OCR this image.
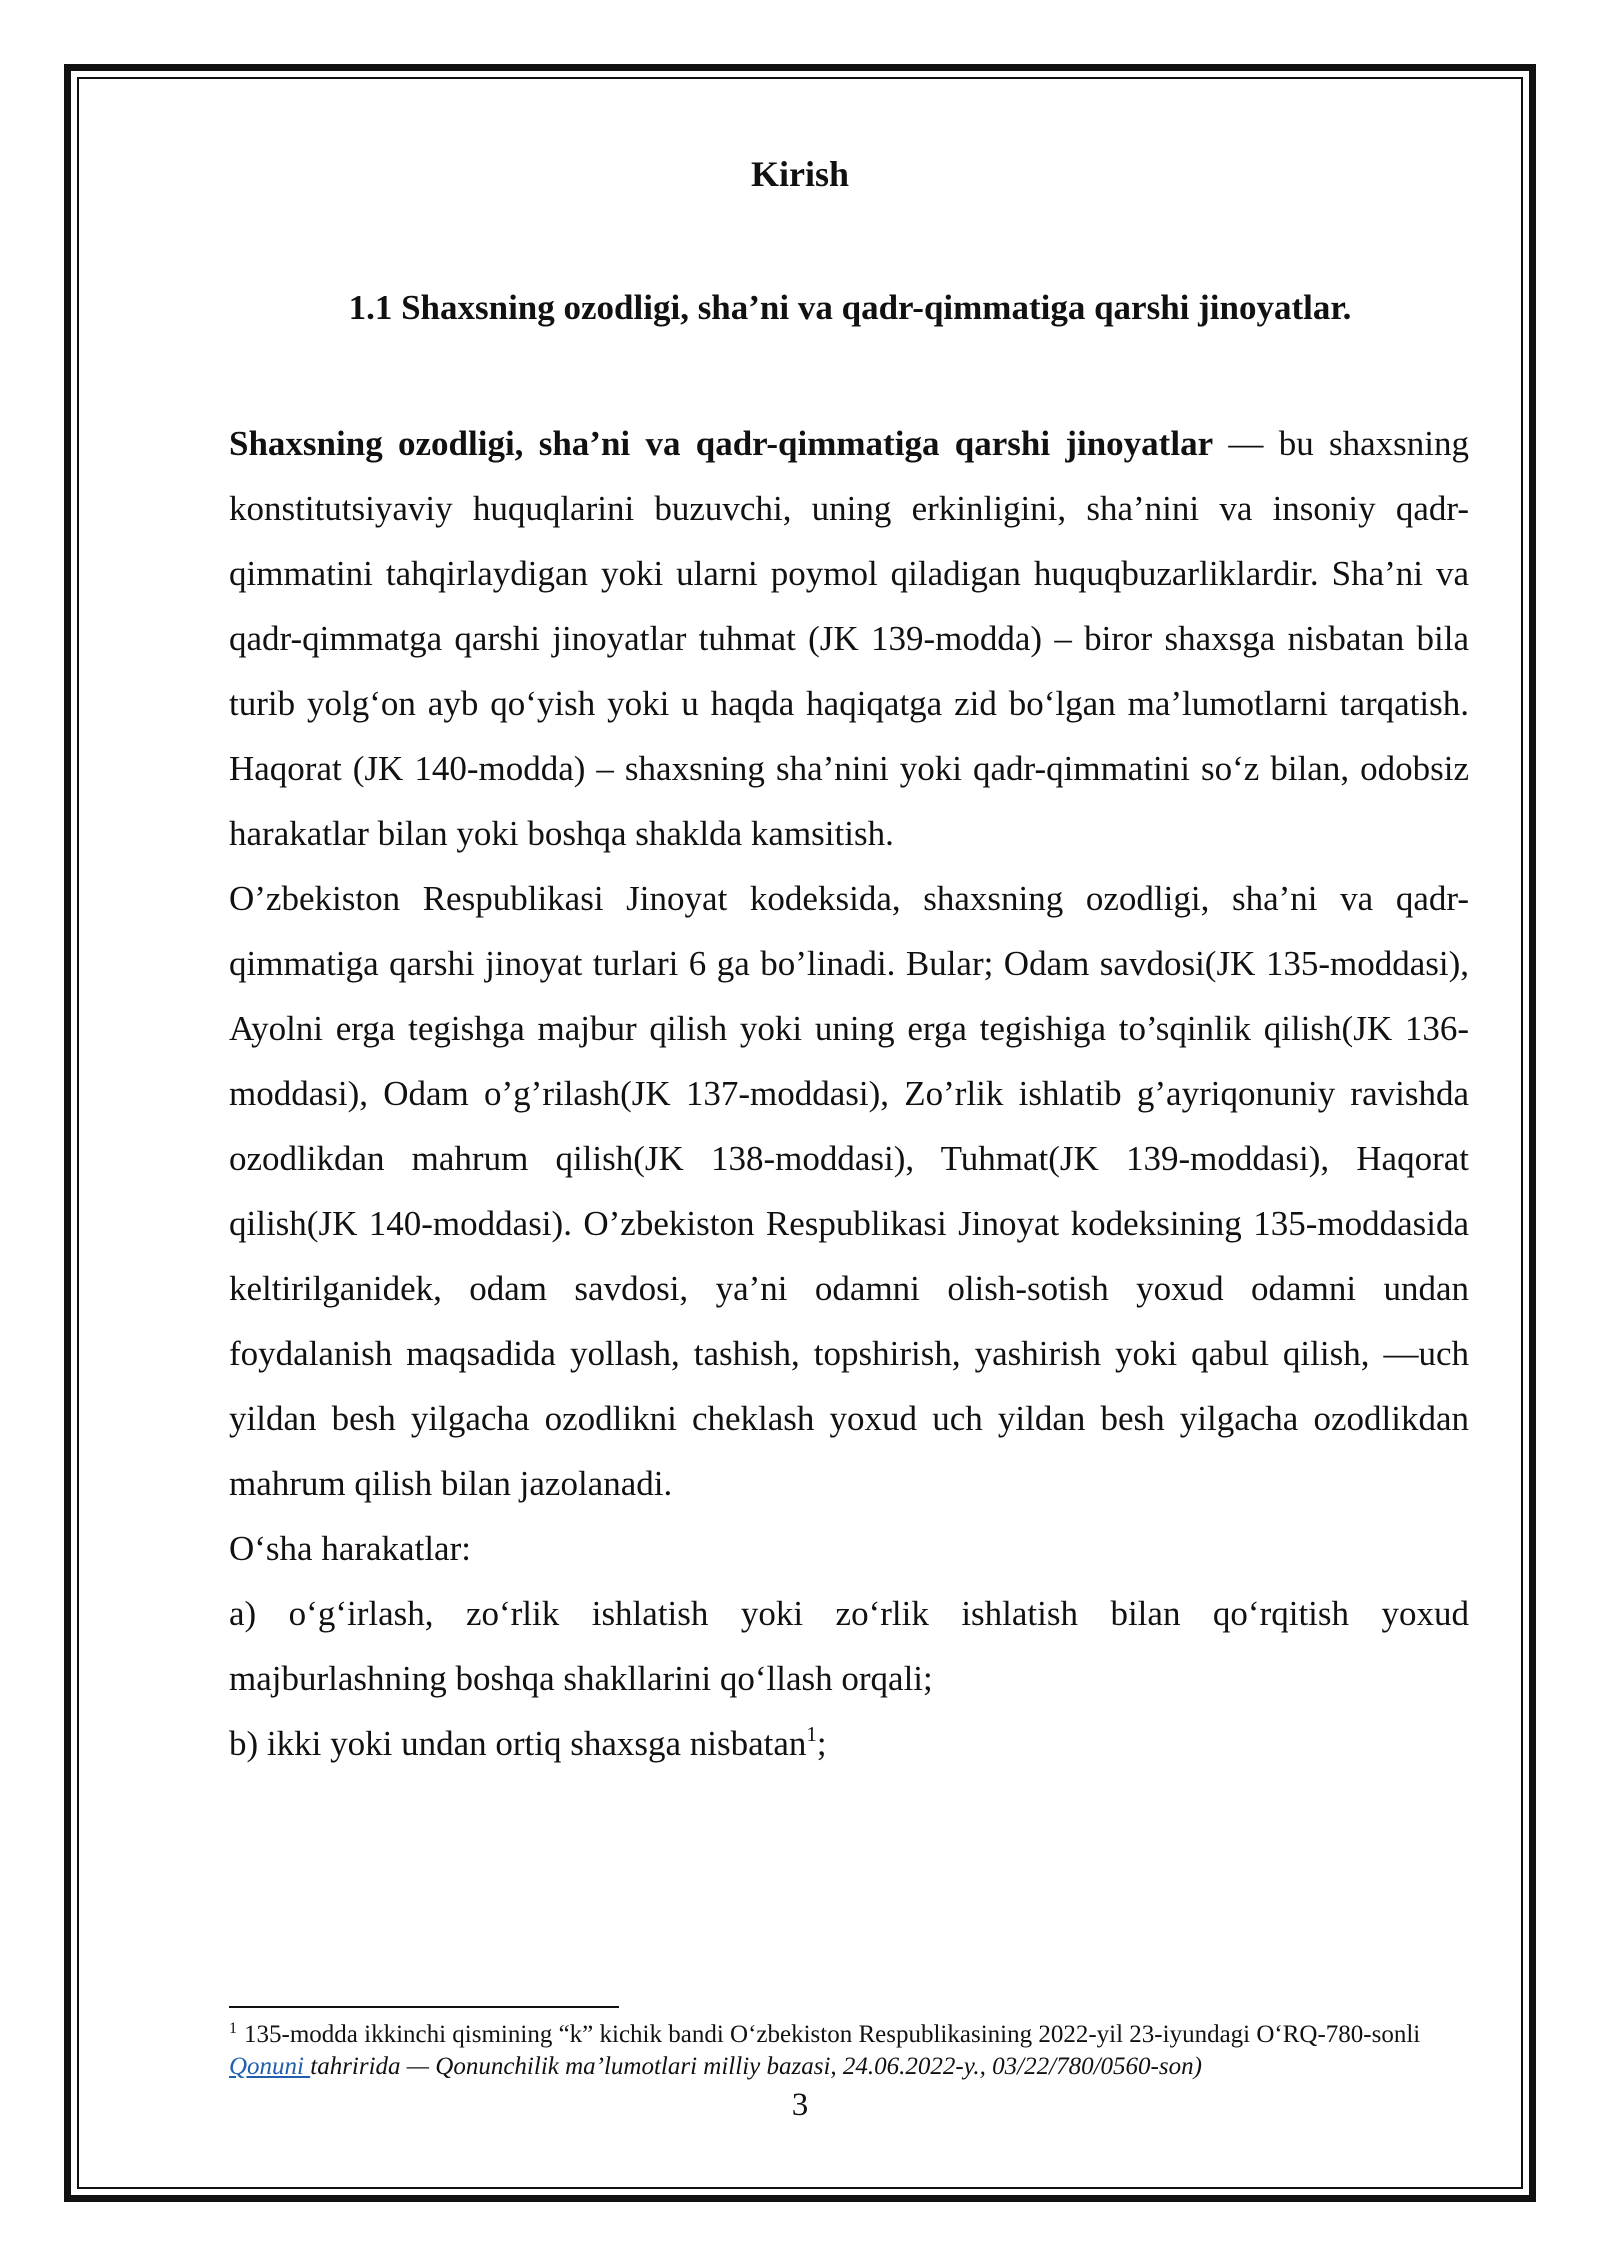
Kirish
1.1 Shaxsning ozodligi, sha’ni va qadr-qimmatiga qarshi jinoyatlar.

Shaxsning ozodligi, sha’ni va qadr-qimmatiga qarshi jinoyatlar — bu shaxsning konstitutsiyaviy huquqlarini buzuvchi, uning erkinligini, sha’nini va insoniy qadr-qimmatini tahqirlaydigan yoki ularni poymol qiladigan huquqbuzarliklardir. Sha’ni va qadr-qimmatga qarshi jinoyatlar tuhmat (JK 139-modda) – biror shaxsga nisbatan bila turib yolg‘on ayb qo‘yish yoki u haqda haqiqatga zid bo‘lgan ma’lumotlarni tarqatish. Haqorat (JK 140-modda) – shaxsning sha’nini yoki qadr-qimmatini so‘z bilan, odobsiz harakatlar bilan yoki boshqa shaklda kamsitish.

O’zbekiston Respublikasi Jinoyat kodeksida, shaxsning ozodligi, sha’ni va qadr-qimmatiga qarshi jinoyat turlari 6 ga bo’linadi. Bular; Odam savdosi(JK 135-moddasi), Ayolni erga tegishga majbur qilish yoki uning erga tegishiga to’sqinlik qilish(JK 136-moddasi), Odam o’g’rilash(JK 137-moddasi), Zo’rlik ishlatib g’ayriqonuniy ravishda ozodlikdan mahrum qilish(JK 138-moddasi), Tuhmat(JK 139-moddasi), Haqorat qilish(JK 140-moddasi). O’zbekiston Respublikasi Jinoyat kodeksining 135-moddasida keltirilganidek, odam savdosi, ya’ni odamni olish-sotish yoxud odamni undan foydalanish maqsadida yollash, tashish, topshirish, yashirish yoki qabul qilish, —uch yildan besh yilgacha ozodlikni cheklash yoxud uch yildan besh yilgacha ozodlikdan mahrum qilish bilan jazolanadi.

O‘sha harakatlar:

a) o‘g‘irlash, zo‘rlik ishlatish yoki zo‘rlik ishlatish bilan qo‘rqitish yoxud majburlashning boshqa shakllarini qo‘llash orqali;

b) ikki yoki undan ortiq shaxsga nisbatan$^1$;

$^1$ 135-modda ikkinchi qismining “k” kichik bandi O‘zbekiston Respublikasining 2022-yil 23-iyundagi O‘RQ-780-sonli Qonuni tahririda — Qonunchilik ma’lumotlari milliy bazasi, 24.06.2022-y., 03/22/780/0560-son)

3
